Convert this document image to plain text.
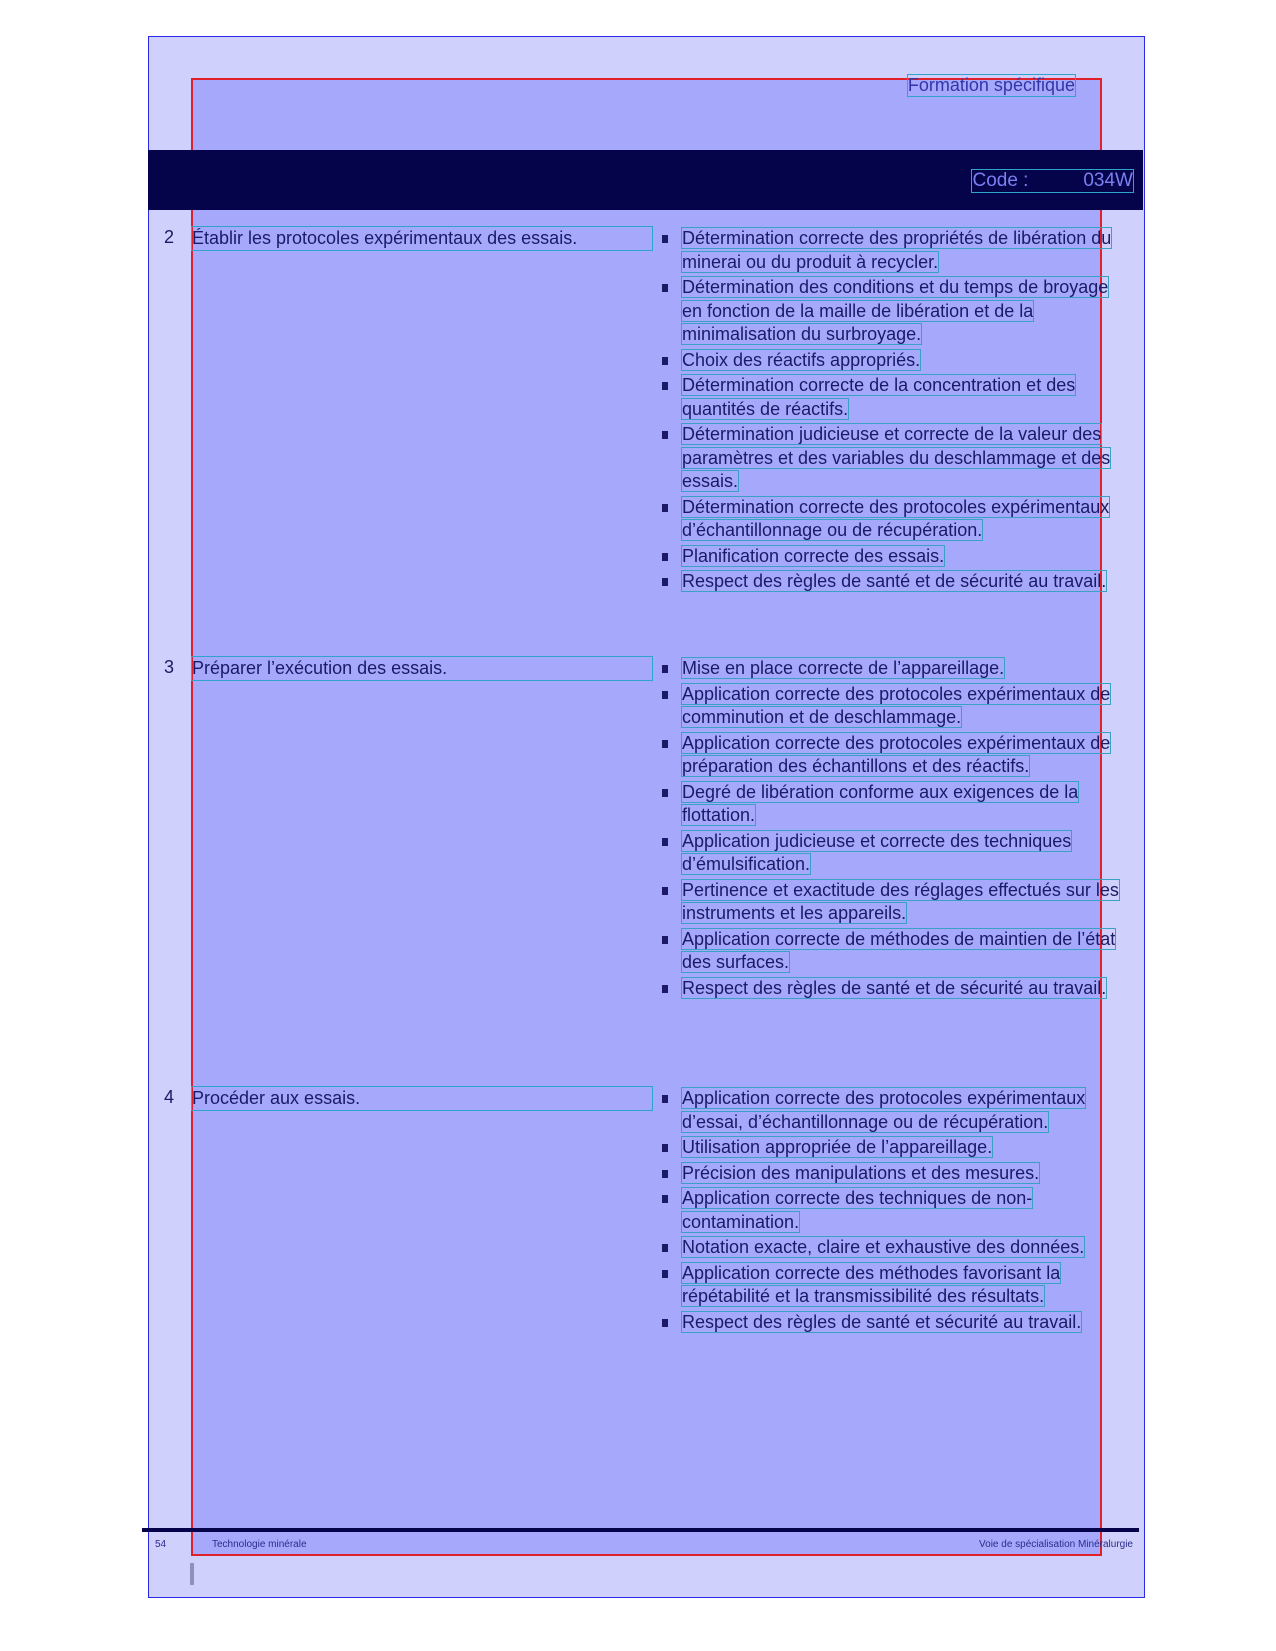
Formation spécifique
Code :		034W
2 Établir les protocoles expérimentaux des essais.	Détermination correcte des propriétés de libération du minerai ou du produit à recycler.
Détermination des conditions et du temps de broyage en fonction de la maille de libération et de la minimalisation du surbroyage.
Choix des réactifs appropriés.
Détermination correcte de la concentration et des quantités de réactifs.
Détermination judicieuse et correcte de la valeur des paramètres et des variables du deschlammage et des essais.
Détermination correcte des protocoles expérimentaux d’échantillonnage ou de récupération.
Planification correcte des essais.
Respect des règles de santé et de sécurité au travail.
3 Préparer l’exécution des essais.	Mise en place correcte de l’appareillage.
Application correcte des protocoles expérimentaux de comminution et de deschlammage.
Application correcte des protocoles expérimentaux de préparation des échantillons et des réactifs.
Degré de libération conforme aux exigences de la flottation.
Application judicieuse et correcte des techniques d’émulsification.
Pertinence et exactitude des réglages effectués sur les instruments et les appareils.
Application correcte de méthodes de maintien de l’état des surfaces.
Respect des règles de santé et de sécurité au travail.
4 Procéder aux essais.	Application correcte des protocoles expérimentaux d’essai, d’échantillonnage ou de récupération.
Utilisation appropriée de l’appareillage.
Précision des manipulations et des mesures.
Application correcte des techniques de non-contamination.
Notation exacte, claire et exhaustive des données.
Application correcte des méthodes favorisant la répétabilité et la transmissibilité des résultats.
Respect des règles de santé et sécurité au travail.
54	Technologie minérale	Voie de spécialisation Minéralurgie
